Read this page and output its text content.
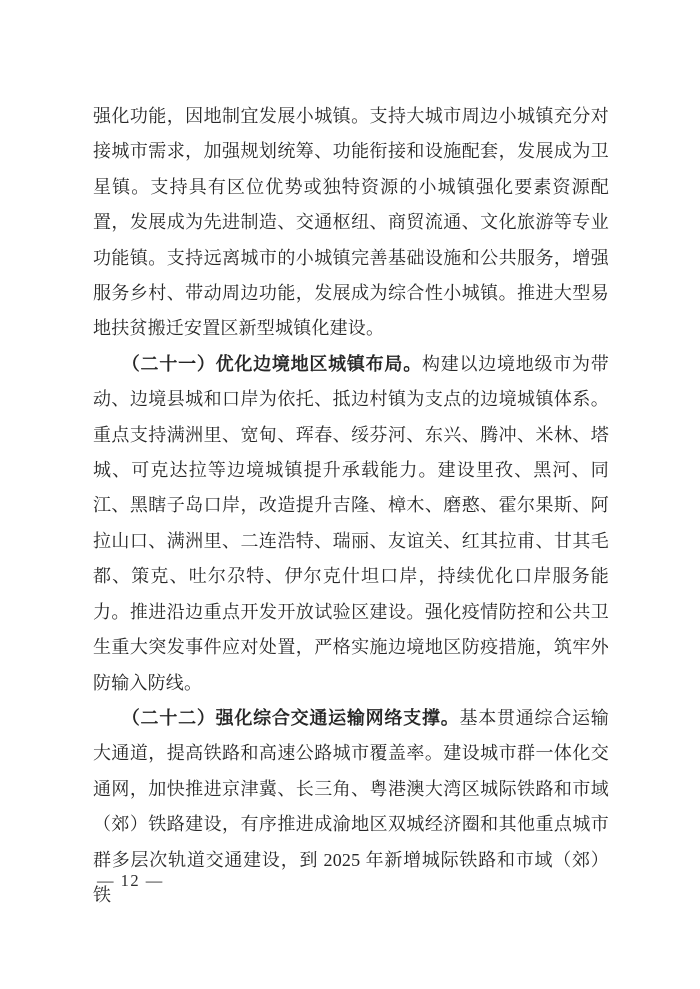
强化功能，因地制宜发展小城镇。支持大城市周边小城镇充分对接城市需求，加强规划统筹、功能衔接和设施配套，发展成为卫星镇。支持具有区位优势或独特资源的小城镇强化要素资源配置，发展成为先进制造、交通枢纽、商贸流通、文化旅游等专业功能镇。支持远离城市的小城镇完善基础设施和公共服务，增强服务乡村、带动周边功能，发展成为综合性小城镇。推进大型易地扶贫搬迁安置区新型城镇化建设。

（二十一）优化边境地区城镇布局。构建以边境地级市为带动、边境县城和口岸为依托、抵边村镇为支点的边境城镇体系。重点支持满洲里、宽甸、珲春、绥芬河、东兴、腾冲、米林、塔城、可克达拉等边境城镇提升承载能力。建设里孜、黑河、同江、黑瞎子岛口岸，改造提升吉隆、樟木、磨憨、霍尔果斯、阿拉山口、满洲里、二连浩特、瑞丽、友谊关、红其拉甫、甘其毛都、策克、吐尔尕特、伊尔克什坦口岸，持续优化口岸服务能力。推进沿边重点开发开放试验区建设。强化疫情防控和公共卫生重大突发事件应对处置，严格实施边境地区防疫措施，筑牢外防输入防线。

（二十二）强化综合交通运输网络支撑。基本贯通综合运输大通道，提高铁路和高速公路城市覆盖率。建设城市群一体化交通网，加快推进京津冀、长三角、粤港澳大湾区城际铁路和市域（郊）铁路建设，有序推进成渝地区双城经济圈和其他重点城市群多层次轨道交通建设，到 2025 年新增城际铁路和市域（郊）铁

— 12 —
